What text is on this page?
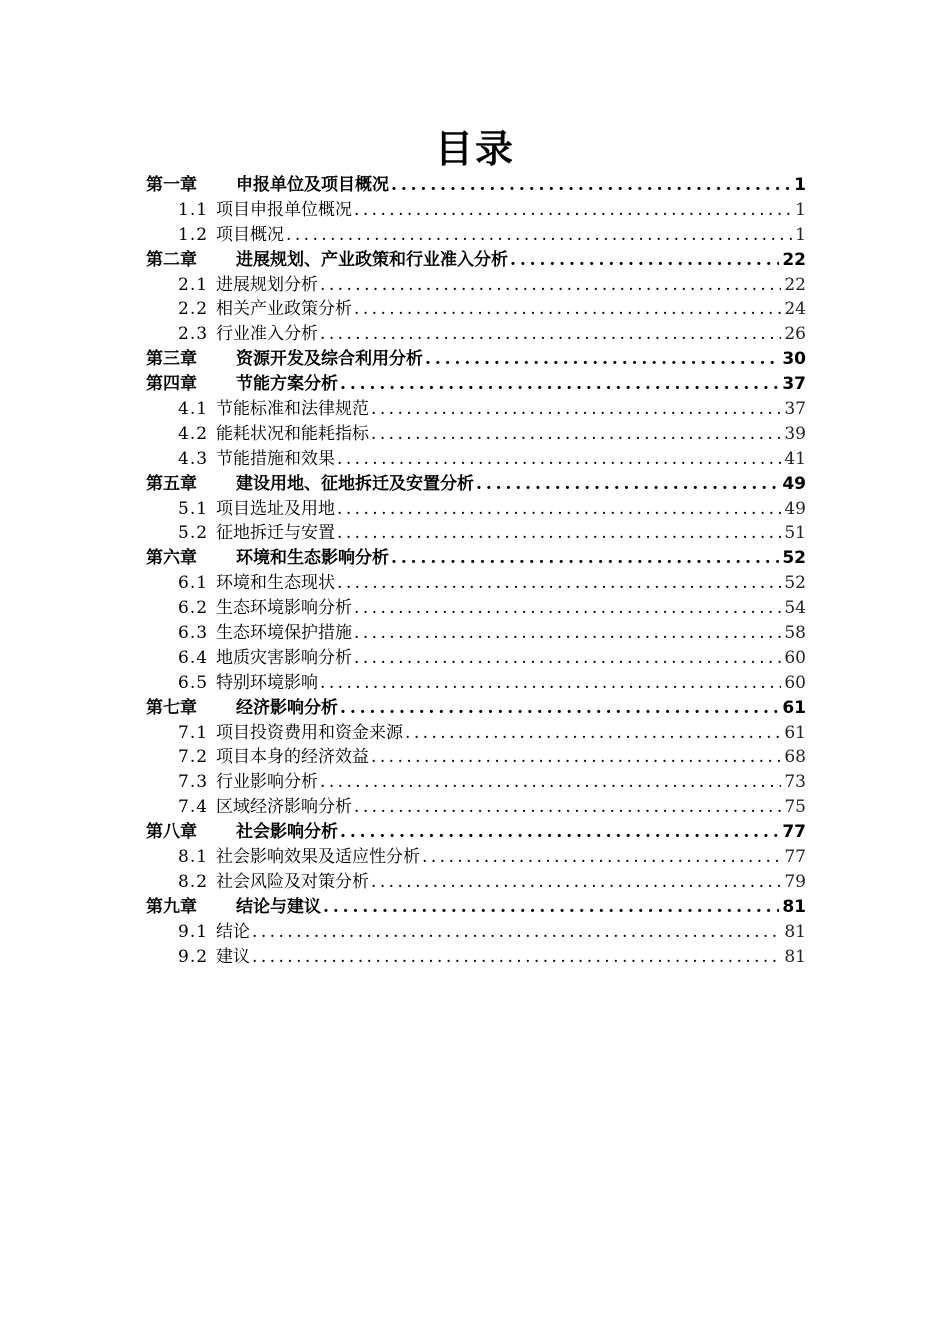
目录
第一章	申报单位及项目概况 . . .	1
1.1 项目申报单位概况 . . .	1
1.2 项目概况 . . .	1
第二章	进展规划、产业政策和行业准入分析 . . .	22
2.1 进展规划分析 . . .	22
2.2 相关产业政策分析 . . .	24
2.3 行业准入分析 . . .	26
第三章	资源开发及综合利用分析 . . .	30
第四章	节能方案分析 . . .	37
4.1 节能标准和法律规范 . . .	37
4.2 能耗状况和能耗指标 . . .	39
4.3 节能措施和效果 . . .	41
第五章	建设用地、征地拆迁及安置分析 . . .	49
5.1 项目选址及用地 . . .	49
5.2 征地拆迁与安置 . . .	51
第六章	环境和生态影响分析 . . .	52
6.1 环境和生态现状 . . .	52
6.2 生态环境影响分析 . . .	54
6.3 生态环境保护措施 . . .	58
6.4 地质灾害影响分析 . . .	60
6.5 特别环境影响 . . .	60
第七章	经济影响分析 . . .	61
7.1 项目投资费用和资金来源 . . .	61
7.2 项目本身的经济效益 . . .	68
7.3 行业影响分析 . . .	73
7.4 区域经济影响分析 . . .	75
第八章	社会影响分析 . . .	77
8.1 社会影响效果及适应性分析 . . .	77
8.2 社会风险及对策分析 . . .	79
第九章	结论与建议 . . .	81
9.1 结论 . . .	81
9.2 建议 . . .	81
